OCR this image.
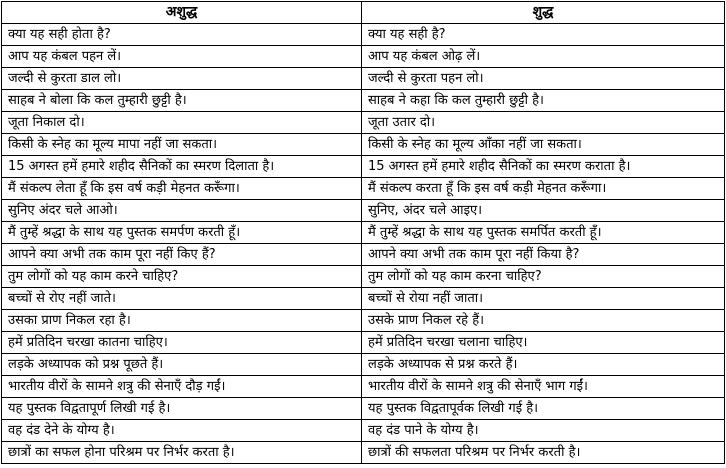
अशुद्ध	शुद्ध
क्या यह सही होता है?	क्या यह सही है?
आप यह कंबल पहन लें।	आप यह कंबल ओढ़ लें।
जल्दी से कुरता डाल लो।	जल्दी से कुरता पहन लो।
साहब ने बोला कि कल तुम्हारी छुट्टी है।	साहब ने कहा कि कल तुम्हारी छुट्टी है।
जूता निकाल दो।	जूता उतार दो।
किसी के स्नेह का मूल्य मापा नहीं जा सकता।	किसी के स्नेह का मूल्य आँका नहीं जा सकता।
15 अगस्त हमें हमारे शहीद सैनिकों का स्मरण दिलाता है।	15 अगस्त हमें हमारे शहीद सैनिकों का स्मरण कराता है।
मैं संकल्प लेता हूँ कि इस वर्ष कड़ी मेहनत करूँगा।	मैं संकल्प करता हूँ कि इस वर्ष कड़ी मेहनत करूँगा।
सुनिए अंदर चले आओ।	सुनिए, अंदर चले आइए।
मैं तुम्हें श्रद्धा के साथ यह पुस्तक समर्पण करती हूँ।	मैं तुम्हें श्रद्धा के साथ यह पुस्तक समर्पित करती हूँ।
आपने क्या अभी तक काम पूरा नहीं किए हैं?	आपने क्या अभी तक काम पूरा नहीं किया है?
तुम लोगों को यह काम करने चाहिए?	तुम लोगों को यह काम करना चाहिए?
बच्चों से रोए नहीं जाते।	बच्चों से रोया नहीं जाता।
उसका प्राण निकल रहा है।	उसके प्राण निकल रहे हैं।
हमें प्रतिदिन चरखा कातना चाहिए।	हमें प्रतिदिन चरखा चलाना चाहिए।
लड़के अध्यापक को प्रश्न पूछते हैं।	लड़के अध्यापक से प्रश्न करते हैं।
भारतीय वीरों के सामने शत्रु की सेनाएँ दौड़ गईं।	भारतीय वीरों के सामने शत्रु की सेनाएँ भाग गईं।
यह पुस्तक विद्वतापूर्ण लिखी गई है।	यह पुस्तक विद्वतापूर्वक लिखी गई है।
वह दंड देने के योग्य है।	वह दंड पाने के योग्य है।
छात्रों का सफल होना परिश्रम पर निर्भर करता है।	छात्रों की सफलता परिश्रम पर निर्भर करती है।
